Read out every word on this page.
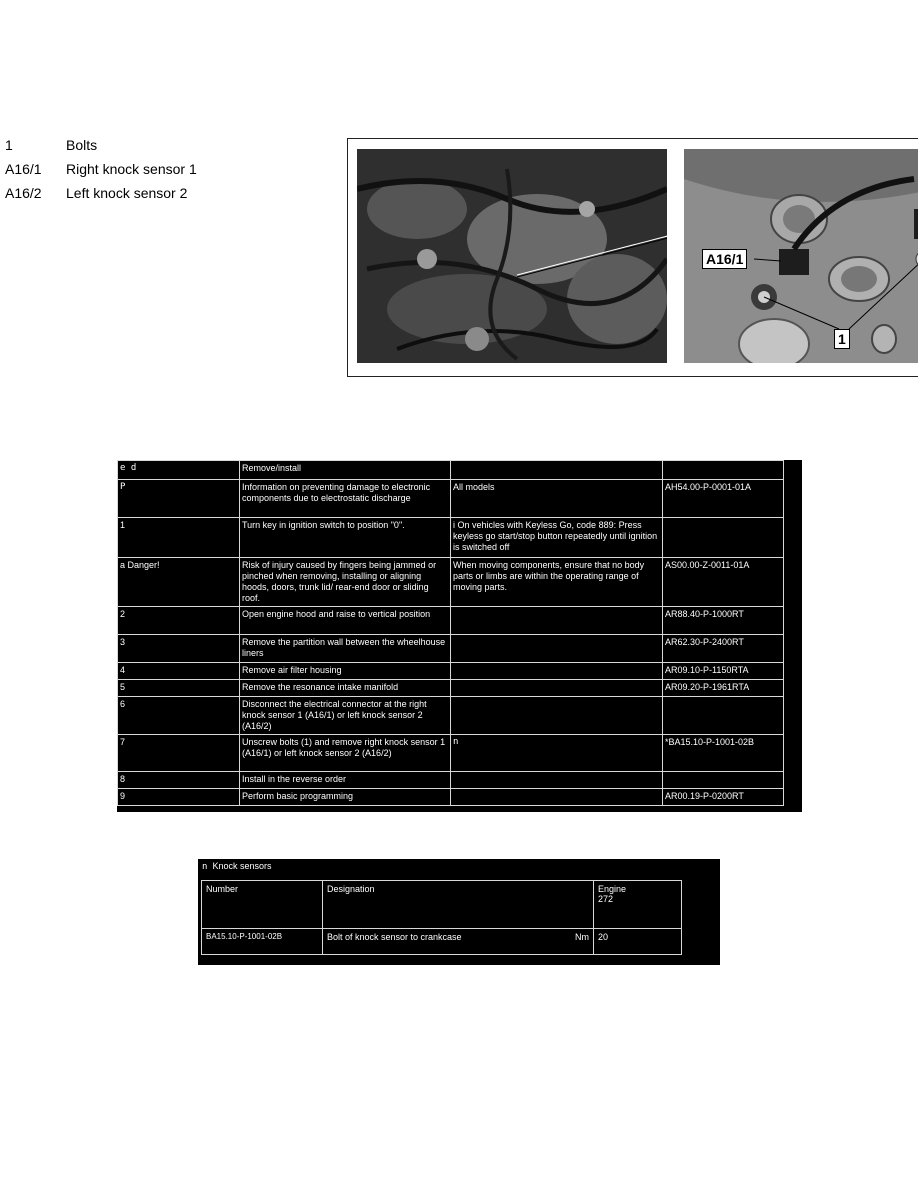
1	Bolts
A16/1	Right knock sensor 1
A16/2	Left knock sensor 2
A16/1
1
e d	Remove/install		
P	Information on preventing damage to electronic components due to electrostatic discharge	All models	AH54.00-P-0001-01A
1	Turn key in ignition switch to position "0".	i On vehicles with Keyless Go, code 889: Press keyless go start/stop button repeatedly until ignition is switched off	
a Danger!	Risk of injury caused by fingers being jammed or pinched when removing, installing or aligning hoods, doors, trunk lid/ rear-end door or sliding roof.	When moving components, ensure that no body parts or limbs are within the operating range of moving parts.	AS00.00-Z-0011-01A
2	Open engine hood and raise to vertical position		AR88.40-P-1000RT
3	Remove the partition wall between the wheelhouse liners		AR62.30-P-2400RT
4	Remove air filter housing		AR09.10-P-1150RTA
5	Remove the resonance intake manifold		AR09.20-P-1961RTA
6	Disconnect the electrical connector at the right knock sensor 1 (A16/1) or left knock sensor 2 (A16/2)		
7	Unscrew bolts (1) and remove right knock sensor 1 (A16/1) or left knock sensor 2 (A16/2)	n	*BA15.10-P-1001-02B
8	Install in the reverse order		
9	Perform basic programming		AR00.19-P-0200RT
n Knock sensors
Number	Designation	Engine
272

BA15.10-P-1001-02B	Bolt of knock sensor to crankcase Nm	20
